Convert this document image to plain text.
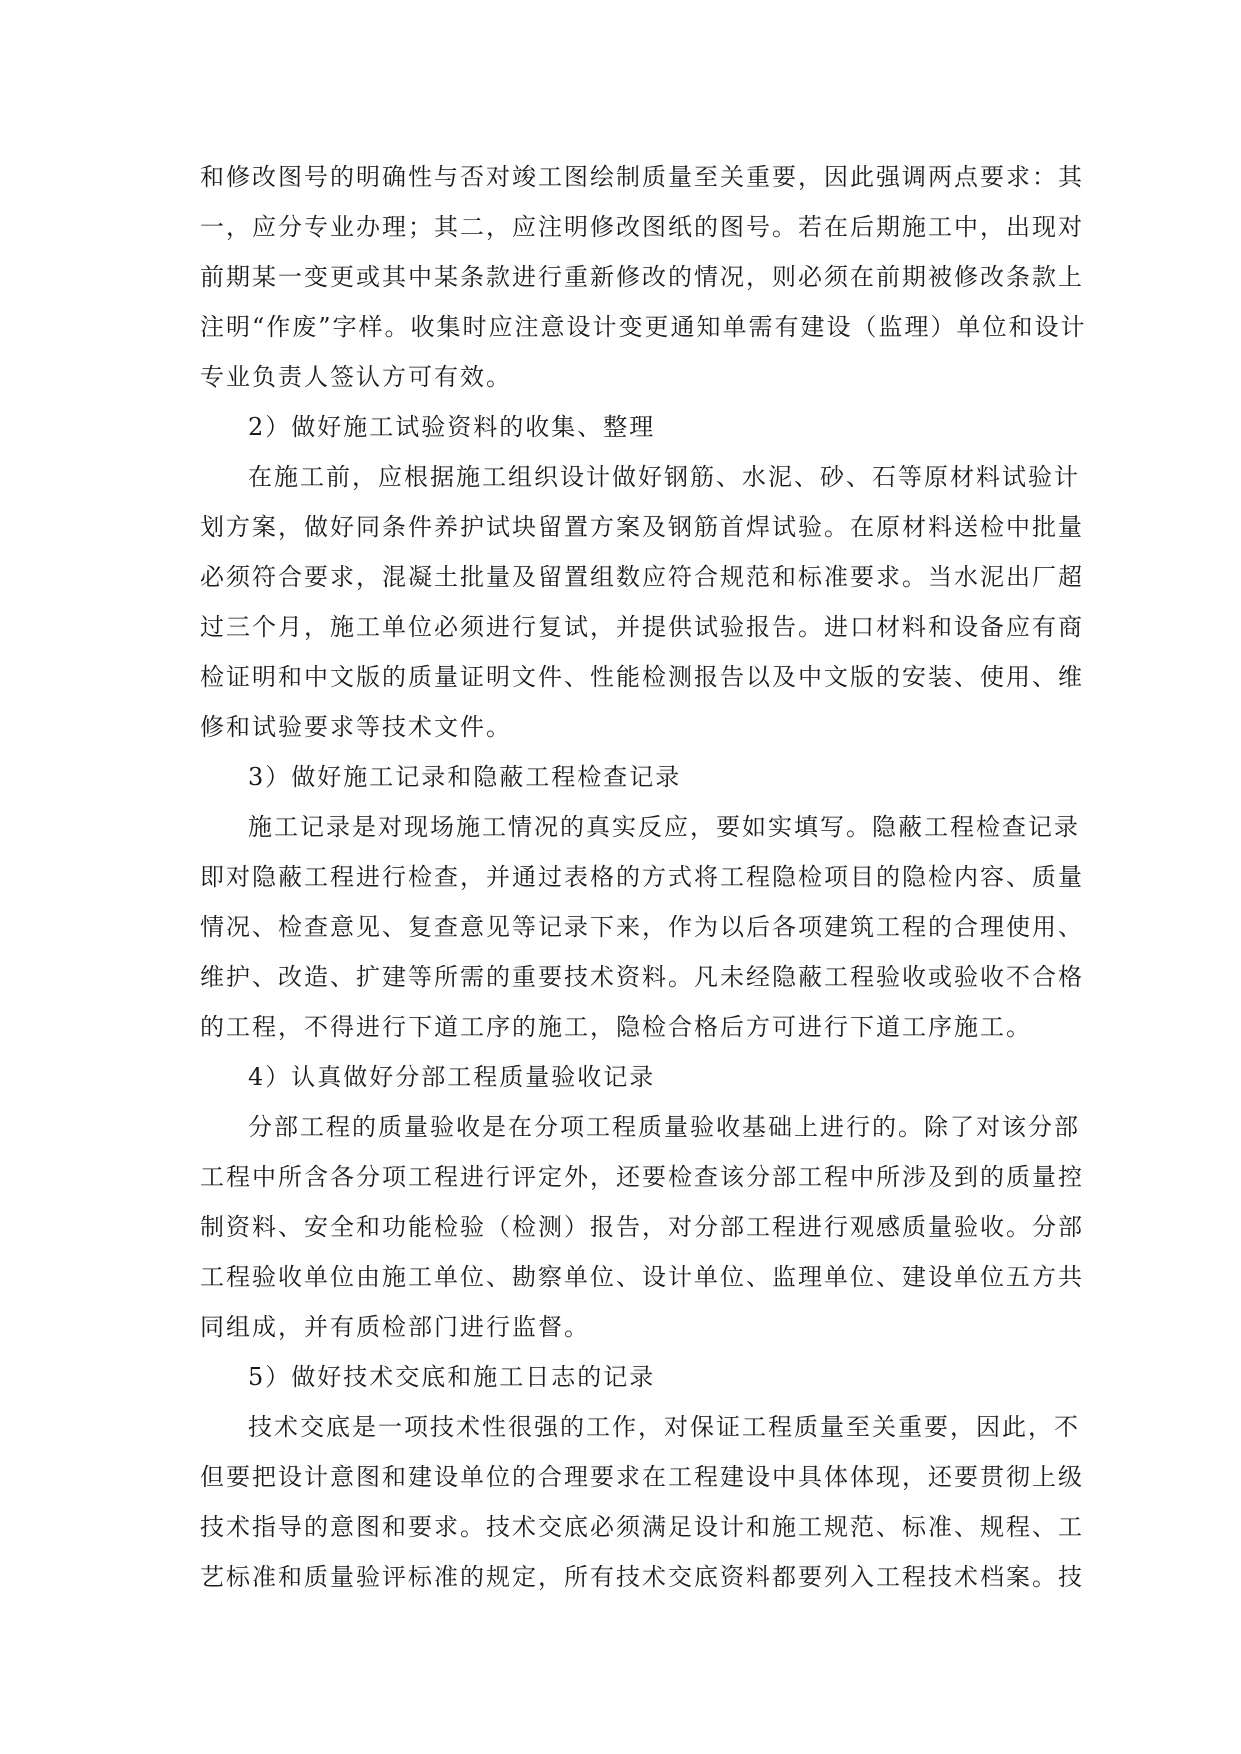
和修改图号的明确性与否对竣工图绘制质量至关重要，因此强调两点要求：其
一，应分专业办理；其二，应注明修改图纸的图号。若在后期施工中，出现对
前期某一变更或其中某条款进行重新修改的情况，则必须在前期被修改条款上
注明“作废”字样。收集时应注意设计变更通知单需有建设（监理）单位和设计
专业负责人签认方可有效。
2）做好施工试验资料的收集、整理
在施工前，应根据施工组织设计做好钢筋、水泥、砂、石等原材料试验计
划方案，做好同条件养护试块留置方案及钢筋首焊试验。在原材料送检中批量
必须符合要求，混凝土批量及留置组数应符合规范和标准要求。当水泥出厂超
过三个月，施工单位必须进行复试，并提供试验报告。进口材料和设备应有商
检证明和中文版的质量证明文件、性能检测报告以及中文版的安装、使用、维
修和试验要求等技术文件。
3）做好施工记录和隐蔽工程检查记录
施工记录是对现场施工情况的真实反应，要如实填写。隐蔽工程检查记录
即对隐蔽工程进行检查，并通过表格的方式将工程隐检项目的隐检内容、质量
情况、检查意见、复查意见等记录下来，作为以后各项建筑工程的合理使用、
维护、改造、扩建等所需的重要技术资料。凡未经隐蔽工程验收或验收不合格
的工程，不得进行下道工序的施工，隐检合格后方可进行下道工序施工。
4）认真做好分部工程质量验收记录
分部工程的质量验收是在分项工程质量验收基础上进行的。除了对该分部
工程中所含各分项工程进行评定外，还要检查该分部工程中所涉及到的质量控
制资料、安全和功能检验（检测）报告，对分部工程进行观感质量验收。分部
工程验收单位由施工单位、勘察单位、设计单位、监理单位、建设单位五方共
同组成，并有质检部门进行监督。
5）做好技术交底和施工日志的记录
技术交底是一项技术性很强的工作，对保证工程质量至关重要，因此，不
但要把设计意图和建设单位的合理要求在工程建设中具体体现，还要贯彻上级
技术指导的意图和要求。技术交底必须满足设计和施工规范、标准、规程、工
艺标准和质量验评标准的规定，所有技术交底资料都要列入工程技术档案。技
